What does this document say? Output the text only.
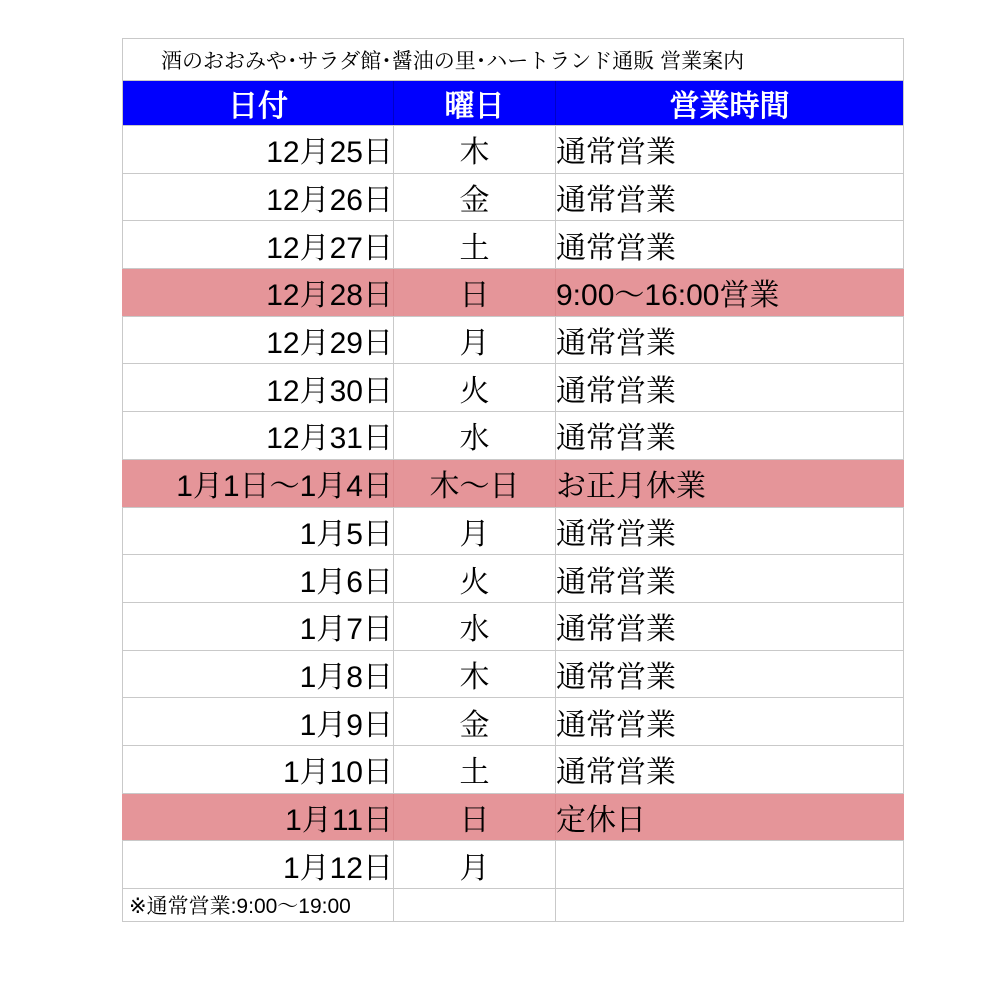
酒のおおみや･サラダ館･醤油の里･ハートランド通販 営業案内		
日付	曜日	営業時間
12月25日	木	通常営業
12月26日	金	通常営業
12月27日	土	通常営業
12月28日	日	9:00～16:00営業
12月29日	月	通常営業
12月30日	火	通常営業
12月31日	水	通常営業
1月1日～1月4日	木～日	お正月休業
1月5日	月	通常営業
1月6日	火	通常営業
1月7日	水	通常営業
1月8日	木	通常営業
1月9日	金	通常営業
1月10日	土	通常営業
1月11日	日	定休日
1月12日	月	
※通常営業:9:00～19:00		
